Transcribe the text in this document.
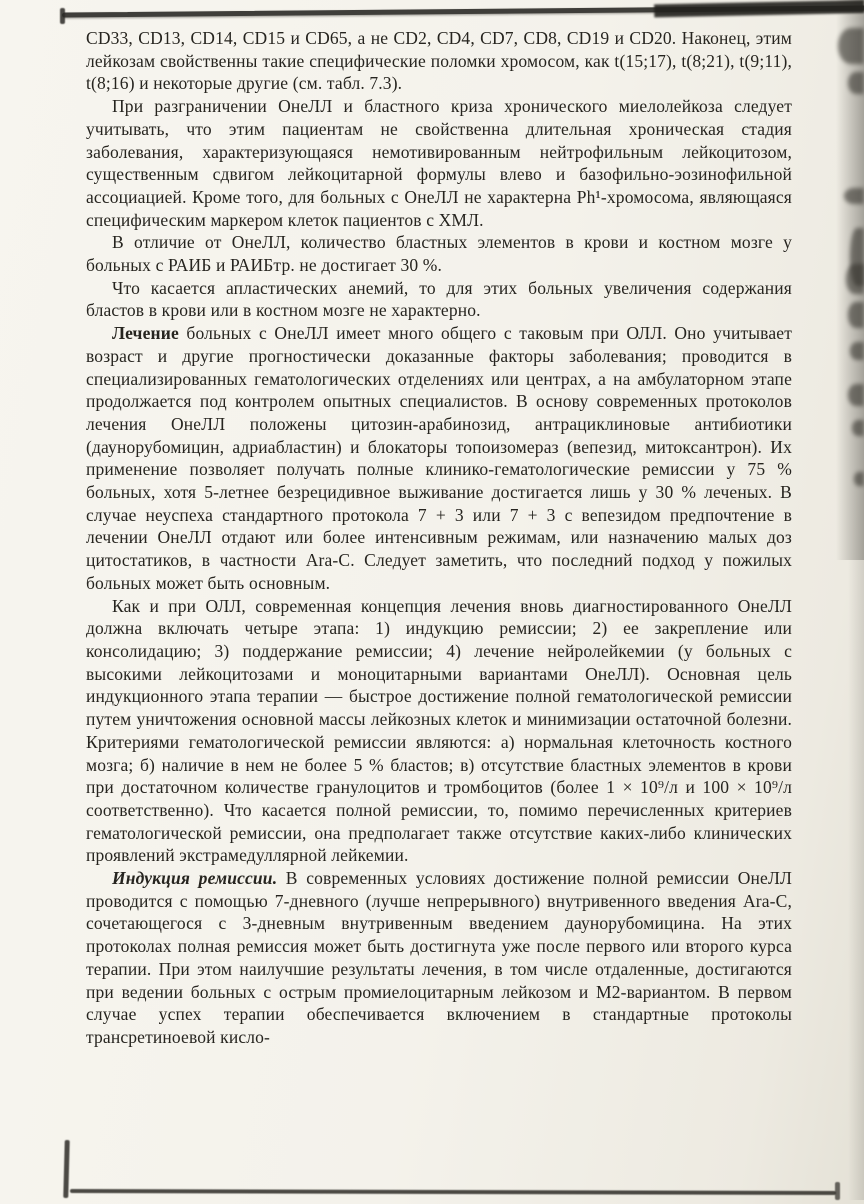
CD33, CD13, CD14, CD15 и CD65, а не CD2, CD4, CD7, CD8, CD19 и CD20. Наконец, этим лейкозам свойственны такие специфические поломки хромосом, как t(15;17), t(8;21), t(9;11), t(8;16) и некоторые другие (см. табл. 7.3).

При разграничении ОнеЛЛ и бластного криза хронического миелолейкоза следует учитывать, что этим пациентам не свойственна длительная хроническая стадия заболевания, характеризующаяся немотивированным нейтрофильным лейкоцитозом, существенным сдвигом лейкоцитарной формулы влево и базофильно-эозинофильной ассоциацией. Кроме того, для больных с ОнеЛЛ не характерна Ph¹-хромосома, являющаяся специфическим маркером клеток пациентов с ХМЛ.

В отличие от ОнеЛЛ, количество бластных элементов в крови и костном мозге у больных с РАИБ и РАИБтр. не достигает 30 %.

Что касается апластических анемий, то для этих больных увеличения содержания бластов в крови или в костном мозге не характерно.

Лечение больных с ОнеЛЛ имеет много общего с таковым при ОЛЛ. Оно учитывает возраст и другие прогностически доказанные факторы заболевания; проводится в специализированных гематологических отделениях или центрах, а на амбулаторном этапе продолжается под контролем опытных специалистов. В основу современных протоколов лечения ОнеЛЛ положены цитозин-арабинозид, антрациклиновые антибиотики (даунорубомицин, адриабластин) и блокаторы топоизомераз (вепезид, митоксантрон). Их применение позволяет получать полные клинико-гематологические ремиссии у 75 % больных, хотя 5-летнее безрецидивное выживание достигается лишь у 30 % леченых. В случае неуспеха стандартного протокола 7 + 3 или 7 + 3 с вепезидом предпочтение в лечении ОнеЛЛ отдают или более интенсивным режимам, или назначению малых доз цитостатиков, в частности Ara-C. Следует заметить, что последний подход у пожилых больных может быть основным.

Как и при ОЛЛ, современная концепция лечения вновь диагностированного ОнеЛЛ должна включать четыре этапа: 1) индукцию ремиссии; 2) ее закрепление или консолидацию; 3) поддержание ремиссии; 4) лечение нейролейкемии (у больных с высокими лейкоцитозами и моноцитарными вариантами ОнеЛЛ). Основная цель индукционного этапа терапии — быстрое достижение полной гематологической ремиссии путем уничтожения основной массы лейкозных клеток и минимизации остаточной болезни. Критериями гематологической ремиссии являются: а) нормальная клеточность костного мозга; б) наличие в нем не более 5 % бластов; в) отсутствие бластных элементов в крови при достаточном количестве гранулоцитов и тромбоцитов (более 1 × 10⁹/л и 100 × 10⁹/л соответственно). Что касается полной ремиссии, то, помимо перечисленных критериев гематологической ремиссии, она предполагает также отсутствие каких-либо клинических проявлений экстрамедуллярной лейкемии.

Индукция ремиссии. В современных условиях достижение полной ремиссии ОнеЛЛ проводится с помощью 7-дневного (лучше непрерывного) внутривенного введения Ara-C, сочетающегося с 3-дневным внутривенным введением даунорубомицина. На этих протоколах полная ремиссия может быть достигнута уже после первого или второго курса терапии. При этом наилучшие результаты лечения, в том числе отдаленные, достигаются при ведении больных с острым промиелоцитарным лейкозом и М2-вариантом. В первом случае успех терапии обеспечивается включением в стандартные протоколы трансретиноевой кисло-
